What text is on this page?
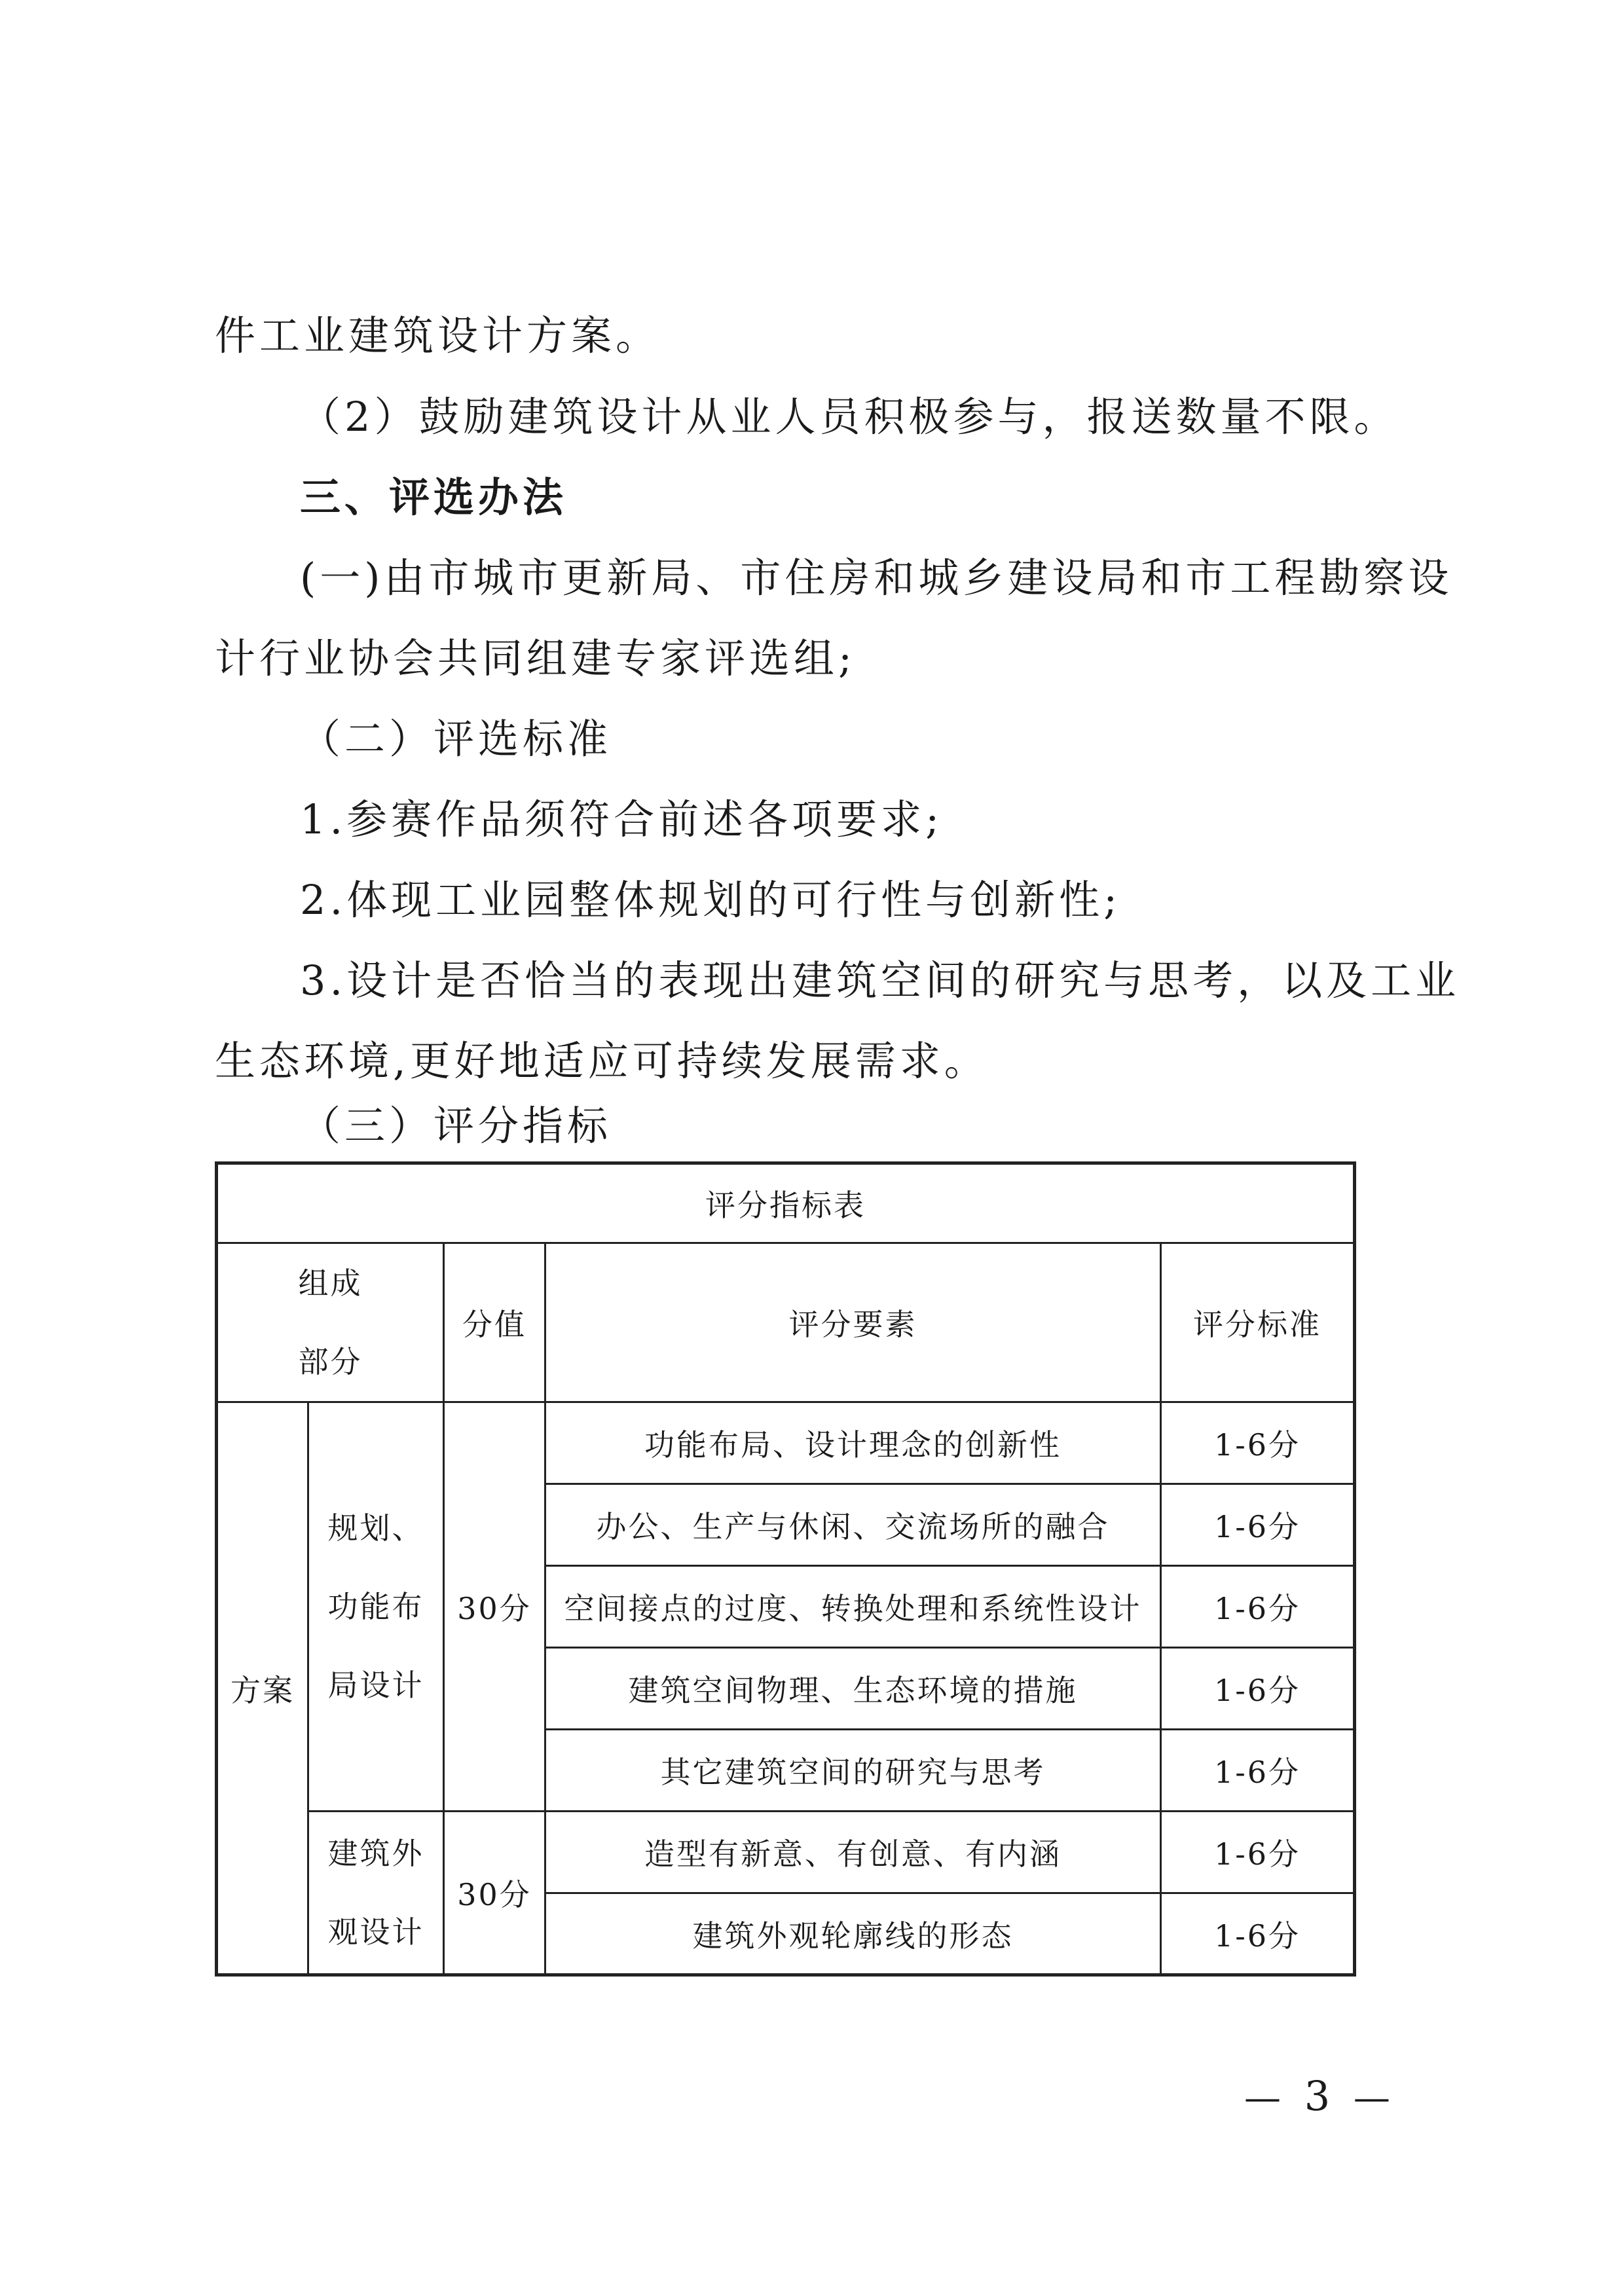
件工业建筑设计方案。

（2）鼓励建筑设计从业人员积极参与，报送数量不限。

三、评选办法

(一)由市城市更新局、市住房和城乡建设局和市工程勘察设

计行业协会共同组建专家评选组;

（二）评选标准

1.参赛作品须符合前述各项要求;

2.体现工业园整体规划的可行性与创新性;

3.设计是否恰当的表现出建筑空间的研究与思考，以及工业

生态环境,更好地适应可持续发展需求。

（三）评分指标

评分指标表				

组成
部分		分值	评分要素	评分标准
方案	规划、
功能布
局设计	30分	功能布局、设计理念的创新性	1-6分
			办公、生产与休闲、交流场所的融合	1-6分
			空间接点的过度、转换处理和系统性设计	1-6分
			建筑空间物理、生态环境的措施	1-6分
			其它建筑空间的研究与思考	1-6分

	建筑外
观设计	30分	造型有新意、有创意、有内涵	1-6分
			建筑外观轮廓线的形态	1-6分
— 3 —
